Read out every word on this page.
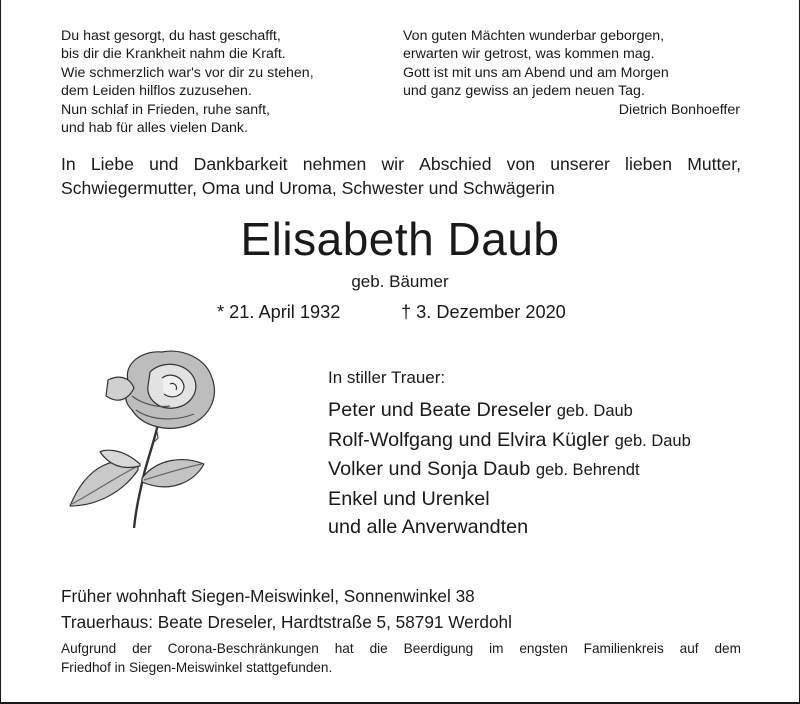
Du hast gesorgt, du hast geschafft,
bis dir die Krankheit nahm die Kraft.
Wie schmerzlich war's vor dir zu stehen,
dem Leiden hilflos zuzusehen.
Nun schlaf in Frieden, ruhe sanft,
und hab für alles vielen Dank.
Von guten Mächten wunderbar geborgen,
erwarten wir getrost, was kommen mag.
Gott ist mit uns am Abend und am Morgen
und ganz gewiss an jedem neuen Tag.
Dietrich Bonhoeffer
In Liebe und Dankbarkeit nehmen wir Abschied von unserer lieben Mutter,
Schwiegermutter, Oma und Uroma, Schwester und Schwägerin
Elisabeth Daub
geb. Bäumer
* 21. April 1932	† 3. Dezember 2020
In stiller Trauer:
Peter und Beate Dreseler geb. Daub
Rolf-Wolfgang und Elvira Kügler geb. Daub
Volker und Sonja Daub geb. Behrendt
Enkel und Urenkel
und alle Anverwandten
Früher wohnhaft Siegen-Meiswinkel, Sonnenwinkel 38
Trauerhaus: Beate Dreseler, Hardtstraße 5, 58791 Werdohl
Aufgrund der Corona-Beschränkungen hat die Beerdigung im engsten Familienkreis auf dem
Friedhof in Siegen-Meiswinkel stattgefunden.
